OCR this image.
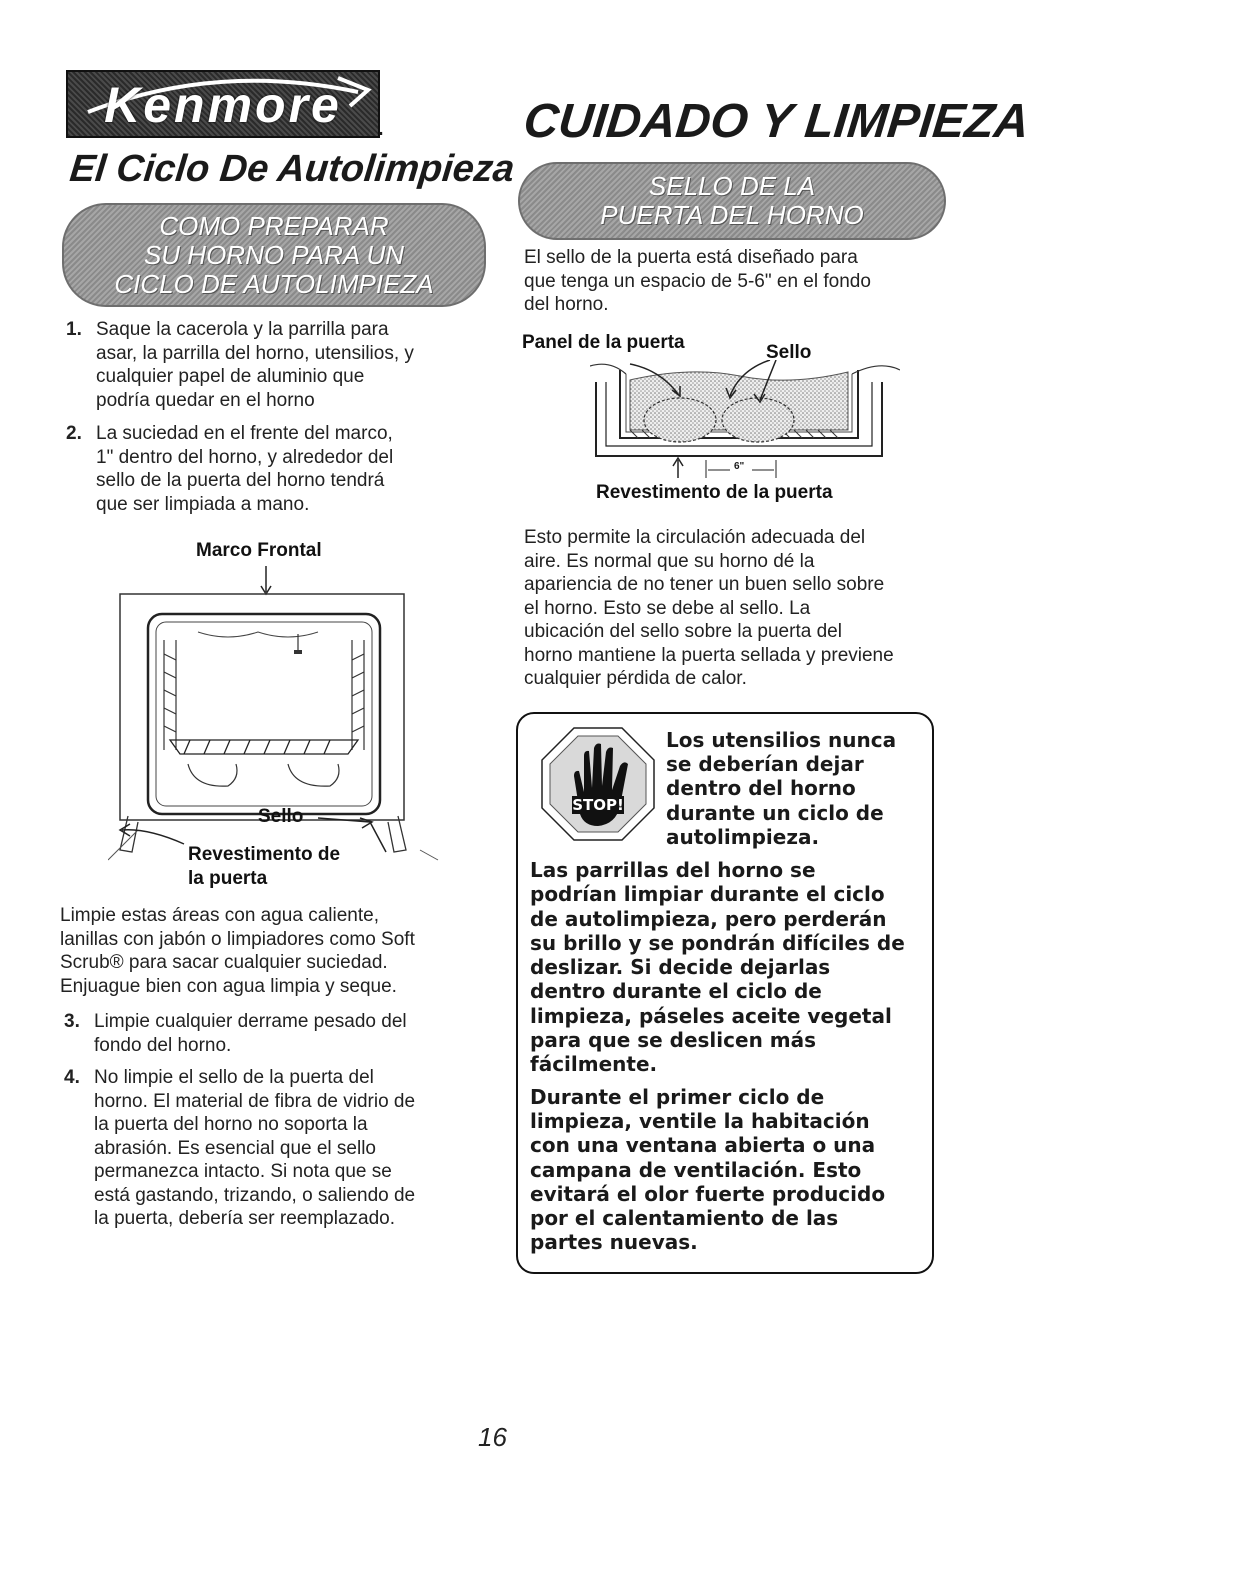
Kenmore	.	CUIDADO Y LIMPIEZA
El Ciclo De Autolimpieza
COMO PREPARAR
SU HORNO PARA UN
CICLO DE AUTOLIMPIEZA
1. Saque la cacerola y la parrilla para
asar, la parrilla del horno, utensilios, y
cualquier papel de aluminio que
podría quedar en el horno
2. La suciedad en el frente del marco,
1" dentro del horno, y alrededor del
sello de la puerta del horno tendrá
que ser limpiada a mano.
Marco Frontal
Sello
Revestimento de
la puerta
Limpie estas áreas con agua caliente,
lanillas con jabón o limpiadores como Soft
Scrub® para sacar cualquier suciedad.
Enjuague bien con agua limpia y seque.
3. Limpie cualquier derrame pesado del
fondo del horno.
4. No limpie el sello de la puerta del
horno. El material de fibra de vidrio de
la puerta del horno no soporta la
abrasión. Es esencial que el sello
permanezca intacto. Si nota que se
está gastando, trizando, o saliendo de
la puerta, debería ser reemplazado.
SELLO DE LA
PUERTA DEL HORNO
El sello de la puerta está diseñado para
que tenga un espacio de 5-6" en el fondo
del horno.
Panel de la puerta	Sello
6"
Revestimento de la puerta
Esto permite la circulación adecuada del
aire. Es normal que su horno dé la
apariencia de no tener un buen sello sobre
el horno. Esto se debe al sello. La
ubicación del sello sobre la puerta del
horno mantiene la puerta sellada y previene
cualquier pérdida de calor.
STOP!
Los utensilios nunca
se deberían dejar
dentro del horno
durante un ciclo de
autolimpieza.

Las parrillas del horno se
podrían limpiar durante el ciclo
de autolimpieza, pero perderán
su brillo y se pondrán difíciles de
deslizar. Si decide dejarlas
dentro durante el ciclo de
limpieza, páseles aceite vegetal
para que se deslicen más
fácilmente.

Durante el primer ciclo de
limpieza, ventile la habitación
con una ventana abierta o una
campana de ventilación. Esto
evitará el olor fuerte producido
por el calentamiento de las
partes nuevas.

16
